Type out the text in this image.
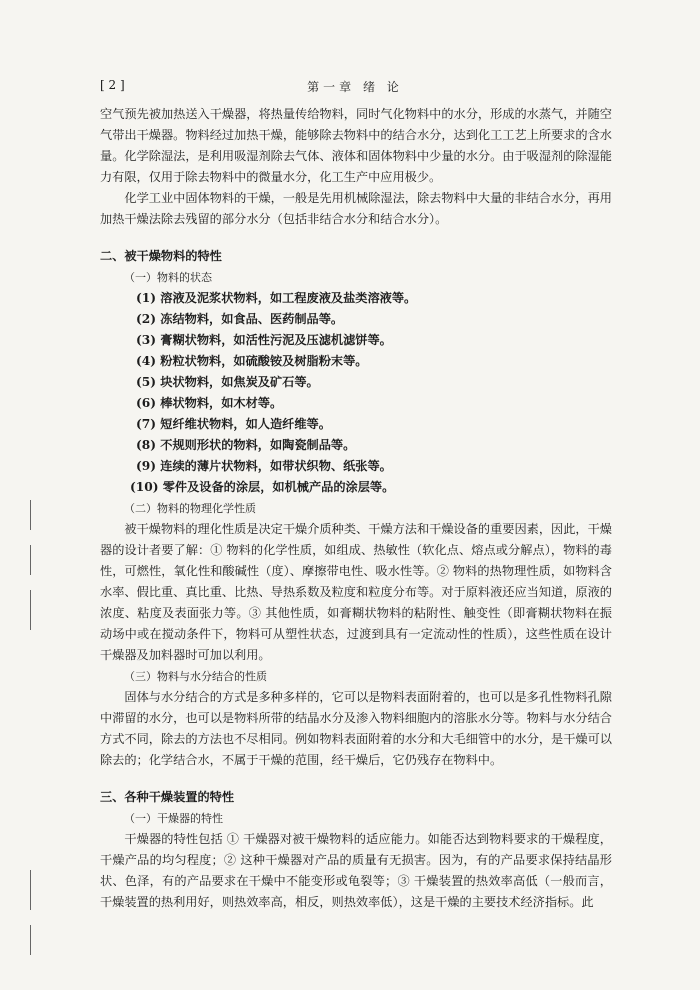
[ 2 ]	第一章 绪 论

空气预先被加热送入干燥器，将热量传给物料，同时气化物料中的水分，形成的水蒸气，并随空气带出干燥器。物料经过加热干燥，能够除去物料中的结合水分，达到化工工艺上所要求的含水量。化学除湿法，是利用吸湿剂除去气体、液体和固体物料中少量的水分。由于吸湿剂的除湿能力有限，仅用于除去物料中的微量水分，化工生产中应用极少。

化学工业中固体物料的干燥，一般是先用机械除湿法，除去物料中大量的非结合水分，再用加热干燥法除去残留的部分水分（包括非结合水分和结合水分）。

二、被干燥物料的特性

（一）物料的状态

(1) 溶液及泥浆状物料，如工程废液及盐类溶液等。

(2) 冻结物料，如食品、医药制品等。

(3) 膏糊状物料，如活性污泥及压滤机滤饼等。

(4) 粉粒状物料，如硫酸铵及树脂粉末等。

(5) 块状物料，如焦炭及矿石等。

(6) 棒状物料，如木材等。

(7) 短纤维状物料，如人造纤维等。

(8) 不规则形状的物料，如陶瓷制品等。

(9) 连续的薄片状物料，如带状织物、纸张等。

(10) 零件及设备的涂层，如机械产品的涂层等。

（二）物料的物理化学性质

被干燥物料的理化性质是决定干燥介质种类、干燥方法和干燥设备的重要因素，因此，干燥器的设计者要了解：① 物料的化学性质，如组成、热敏性（软化点、熔点或分解点），物料的毒性，可燃性，氧化性和酸碱性（度）、摩擦带电性、吸水性等。② 物料的热物理性质，如物料含水率、假比重、真比重、比热、导热系数及粒度和粒度分布等。对于原料液还应当知道，原液的浓度、粘度及表面张力等。③ 其他性质，如膏糊状物料的粘附性、触变性（即膏糊状物料在振动场中或在搅动条件下，物料可从塑性状态，过渡到具有一定流动性的性质），这些性质在设计干燥器及加料器时可加以利用。

（三）物料与水分结合的性质

固体与水分结合的方式是多种多样的，它可以是物料表面附着的，也可以是多孔性物料孔隙中滞留的水分，也可以是物料所带的结晶水分及渗入物料细胞内的溶胀水分等。物料与水分结合方式不同，除去的方法也不尽相同。例如物料表面附着的水分和大毛细管中的水分，是干燥可以除去的；化学结合水，不属于干燥的范围，经干燥后，它仍残存在物料中。

三、各种干燥装置的特性

（一）干燥器的特性

干燥器的特性包括 ① 干燥器对被干燥物料的适应能力。如能否达到物料要求的干燥程度，干燥产品的均匀程度；② 这种干燥器对产品的质量有无损害。因为，有的产品要求保持结晶形状、色泽，有的产品要求在干燥中不能变形或龟裂等；③ 干燥装置的热效率高低（一般而言，干燥装置的热利用好，则热效率高，相反，则热效率低），这是干燥的主要技术经济指标。此
